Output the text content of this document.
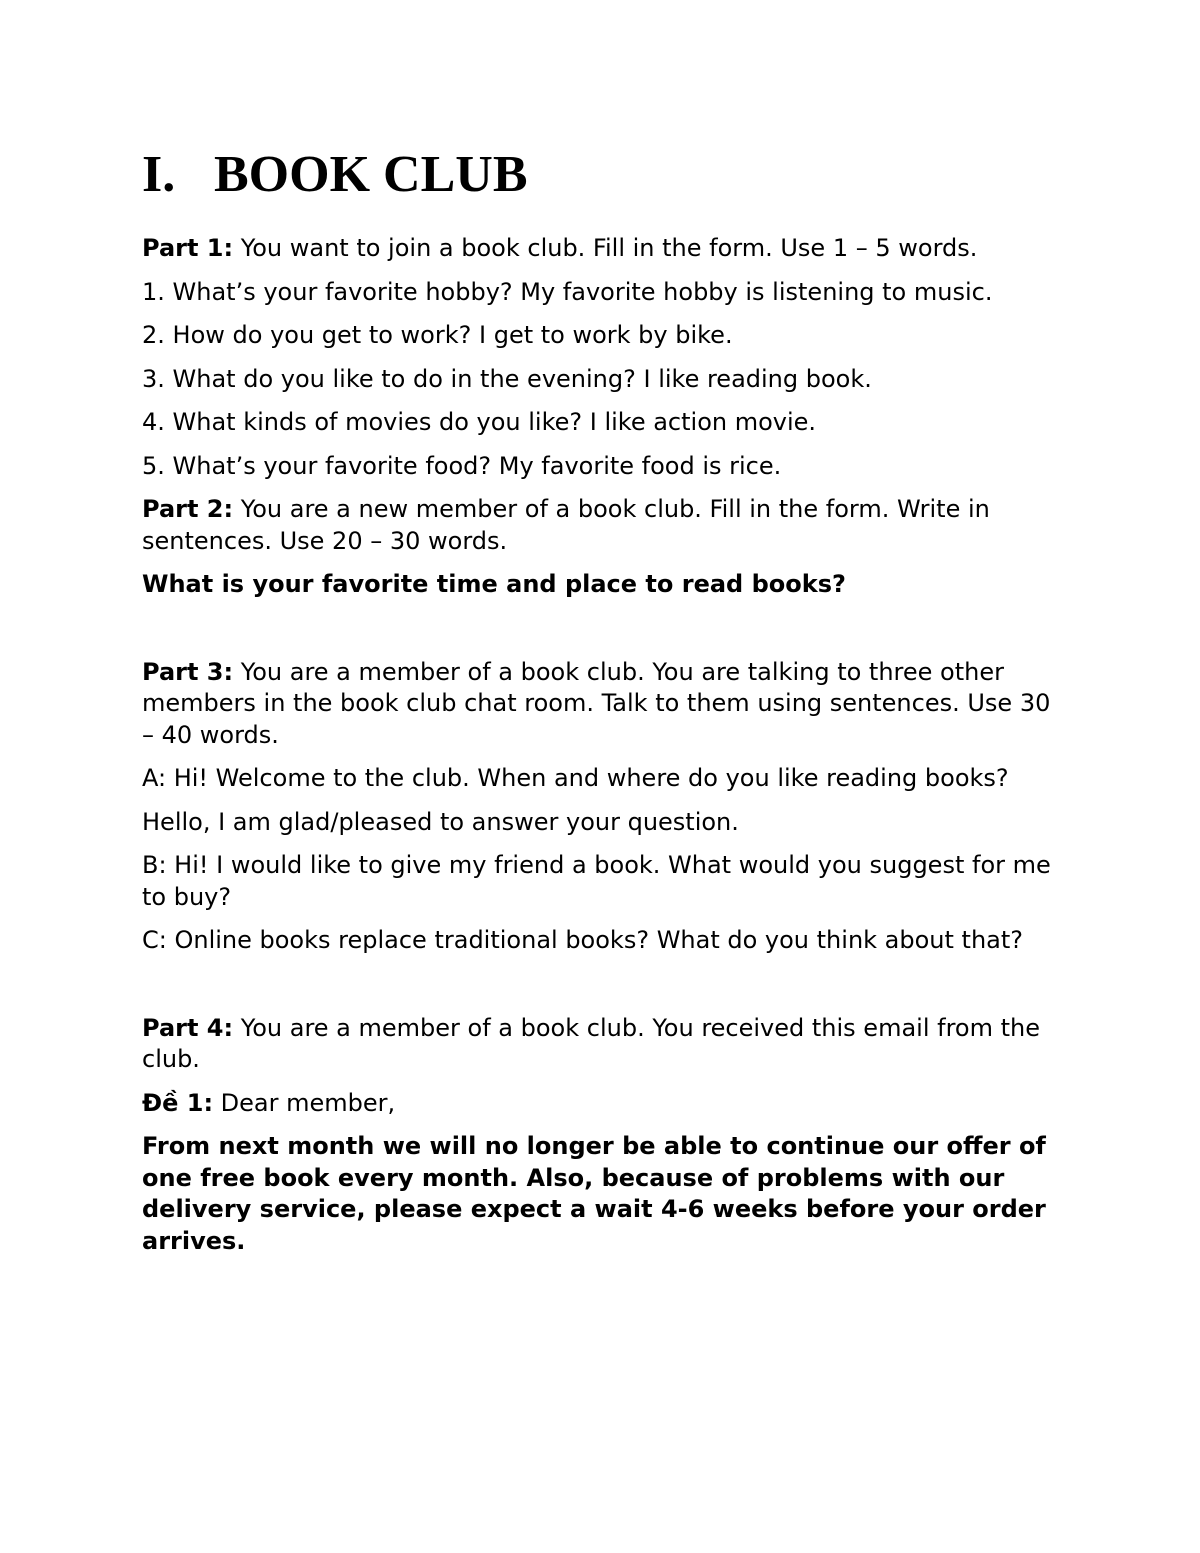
I. BOOK CLUB

Part 1: You want to join a book club. Fill in the form. Use 1 – 5 words.

1. What’s your favorite hobby? My favorite hobby is listening to music.

2. How do you get to work? I get to work by bike.

3. What do you like to do in the evening? I like reading book.

4. What kinds of movies do you like? I like action movie.

5. What’s your favorite food? My favorite food is rice.

Part 2: You are a new member of a book club. Fill in the form. Write in sentences. Use 20 – 30 words.

What is your favorite time and place to read books?

Part 3: You are a member of a book club. You are talking to three other members in the book club chat room. Talk to them using sentences. Use 30 – 40 words.

A: Hi! Welcome to the club. When and where do you like reading books?

Hello, I am glad/pleased to answer your question.

B: Hi! I would like to give my friend a book. What would you suggest for me to buy?

C: Online books replace traditional books? What do you think about that?

Part 4: You are a member of a book club. You received this email from the club.

Đề 1: Dear member,

From next month we will no longer be able to continue our offer of one free book every month. Also, because of problems with our delivery service, please expect a wait 4-6 weeks before your order arrives.
